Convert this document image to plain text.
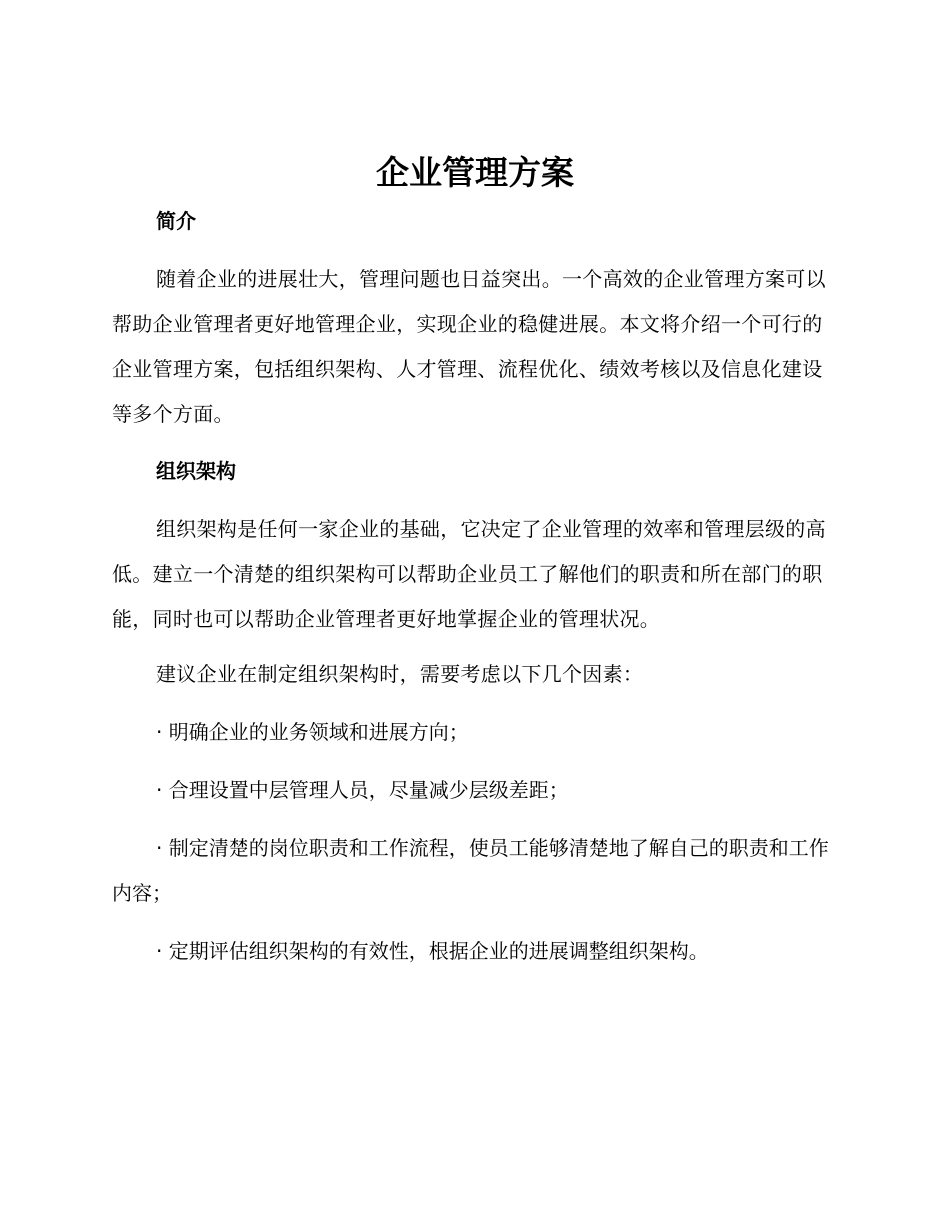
企业管理方案
简介

随着企业的进展壮大，管理问题也日益突出。一个高效的企业管理方案可以帮助企业管理者更好地管理企业，实现企业的稳健进展。本文将介绍一个可行的企业管理方案，包括组织架构、人才管理、流程优化、绩效考核以及信息化建设等多个方面。

组织架构

组织架构是任何一家企业的基础，它决定了企业管理的效率和管理层级的高低。建立一个清楚的组织架构可以帮助企业员工了解他们的职责和所在部门的职能，同时也可以帮助企业管理者更好地掌握企业的管理状况。

建议企业在制定组织架构时，需要考虑以下几个因素：

· 明确企业的业务领域和进展方向；

· 合理设置中层管理人员，尽量减少层级差距；

· 制定清楚的岗位职责和工作流程，使员工能够清楚地了解自己的职责和工作内容；

· 定期评估组织架构的有效性，根据企业的进展调整组织架构。
